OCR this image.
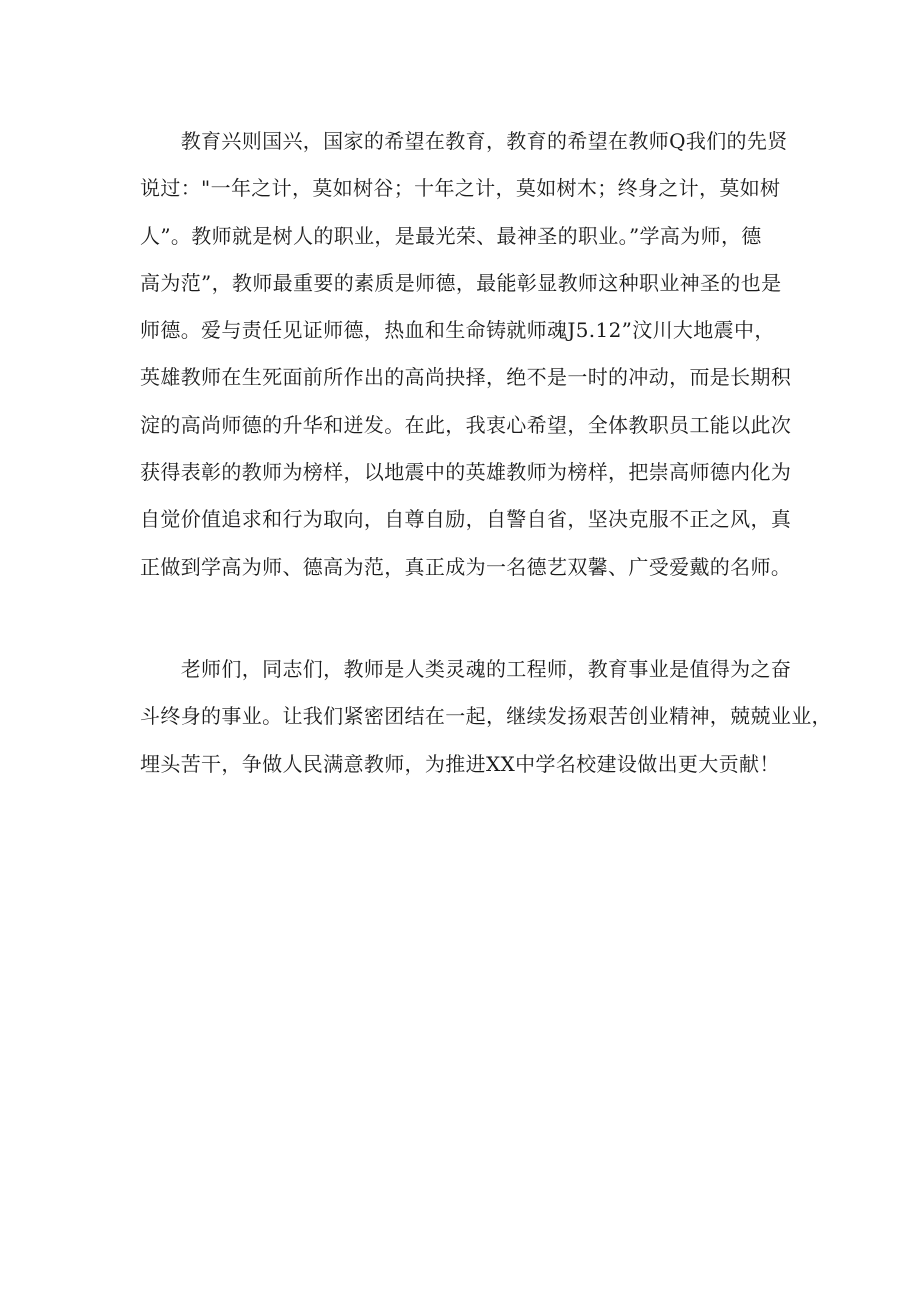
　　教育兴则国兴，国家的希望在教育，教育的希望在教师Q我们的先贤
说过："一年之计，莫如树谷；十年之计，莫如树木；终身之计，莫如树
人”。教师就是树人的职业，是最光荣、最神圣的职业。”学高为师，德
高为范”，教师最重要的素质是师德，最能彰显教师这种职业神圣的也是
师德。爱与责任见证师德，热血和生命铸就师魂J5.12”汶川大地震中，
英雄教师在生死面前所作出的高尚抉择，绝不是一时的冲动，而是长期积
淀的高尚师德的升华和迸发。在此，我衷心希望，全体教职员工能以此次
获得表彰的教师为榜样，以地震中的英雄教师为榜样，把崇高师德内化为
自觉价值追求和行为取向，自尊自励，自警自省，坚决克服不正之风，真
正做到学高为师、德高为范，真正成为一名德艺双馨、广受爱戴的名师。
　　老师们，同志们，教师是人类灵魂的工程师，教育事业是值得为之奋
斗终身的事业。让我们紧密团结在一起，继续发扬艰苦创业精神，兢兢业业，
埋头苦干，争做人民满意教师，为推进XX中学名校建设做出更大贡献！
